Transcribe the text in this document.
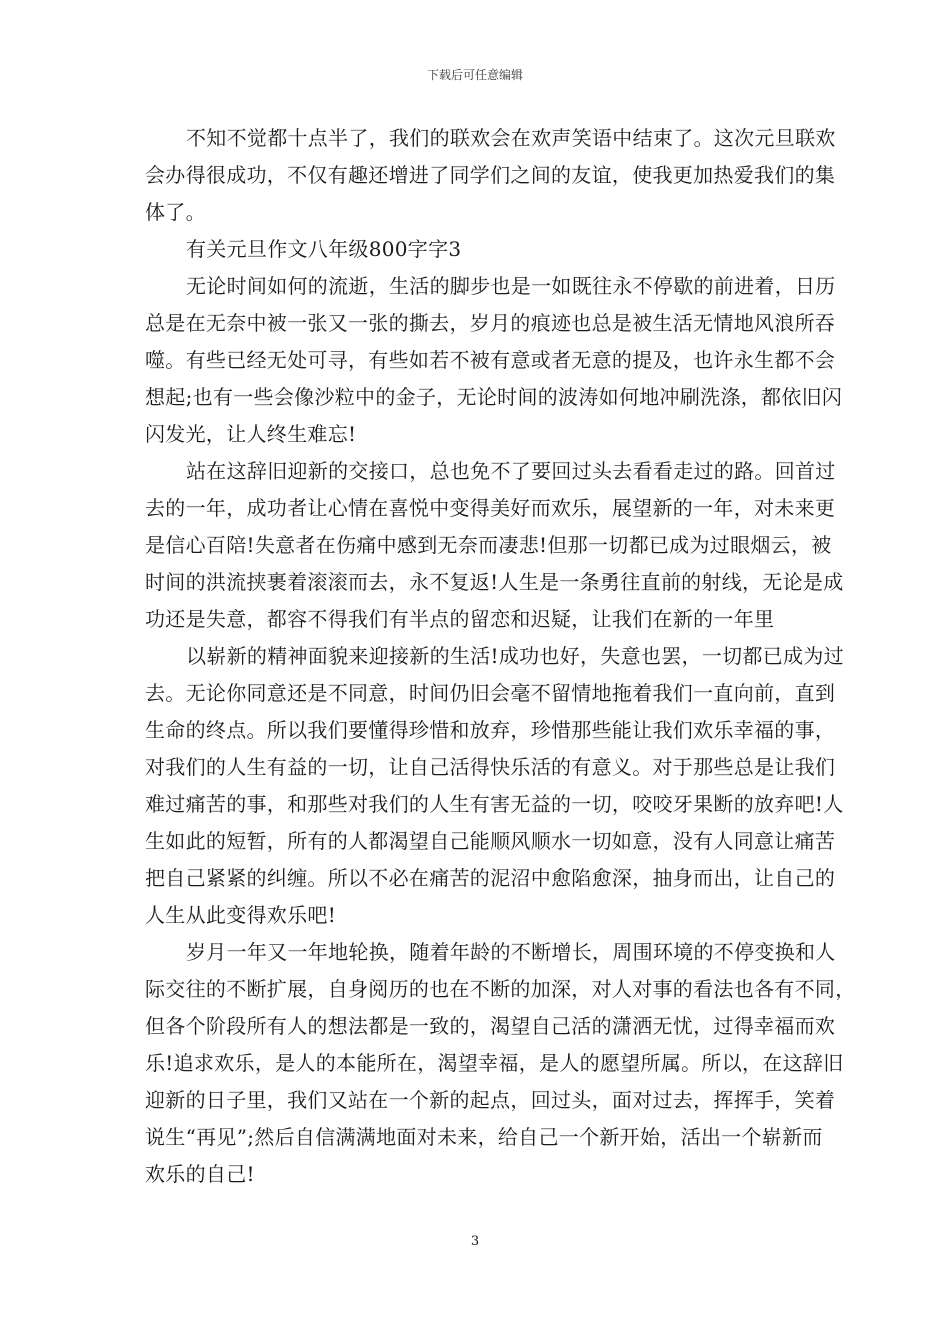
下载后可任意编辑
不知不觉都十点半了，我们的联欢会在欢声笑语中结束了。这次元旦联欢
会办得很成功，不仅有趣还增进了同学们之间的友谊，使我更加热爱我们的集
体了。
有关元旦作文八年级800字字3
无论时间如何的流逝，生活的脚步也是一如既往永不停歇的前进着，日历
总是在无奈中被一张又一张的撕去，岁月的痕迹也总是被生活无情地风浪所吞
噬。有些已经无处可寻，有些如若不被有意或者无意的提及，也许永生都不会
想起;也有一些会像沙粒中的金子，无论时间的波涛如何地冲刷洗涤，都依旧闪
闪发光，让人终生难忘!
站在这辞旧迎新的交接口，总也免不了要回过头去看看走过的路。回首过
去的一年，成功者让心情在喜悦中变得美好而欢乐，展望新的一年，对未来更
是信心百陪!失意者在伤痛中感到无奈而凄悲!但那一切都已成为过眼烟云，被
时间的洪流挟裹着滚滚而去，永不复返!人生是一条勇往直前的射线，无论是成
功还是失意，都容不得我们有半点的留恋和迟疑，让我们在新的一年里
以崭新的精神面貌来迎接新的生活!成功也好，失意也罢，一切都已成为过
去。无论你同意还是不同意，时间仍旧会毫不留情地拖着我们一直向前，直到
生命的终点。所以我们要懂得珍惜和放弃，珍惜那些能让我们欢乐幸福的事，
对我们的人生有益的一切，让自己活得快乐活的有意义。对于那些总是让我们
难过痛苦的事，和那些对我们的人生有害无益的一切，咬咬牙果断的放弃吧!人
生如此的短暂，所有的人都渴望自己能顺风顺水一切如意，没有人同意让痛苦
把自己紧紧的纠缠。所以不必在痛苦的泥沼中愈陷愈深，抽身而出，让自己的
人生从此变得欢乐吧!
岁月一年又一年地轮换，随着年龄的不断增长，周围环境的不停变换和人
际交往的不断扩展，自身阅历的也在不断的加深，对人对事的看法也各有不同，
但各个阶段所有人的想法都是一致的，渴望自己活的潇洒无忧，过得幸福而欢
乐!追求欢乐，是人的本能所在，渴望幸福，是人的愿望所属。所以，在这辞旧
迎新的日子里，我们又站在一个新的起点，回过头，面对过去，挥挥手，笑着
说生“再见”;然后自信满满地面对未来，给自己一个新开始，活出一个崭新而
欢乐的自己!
3
